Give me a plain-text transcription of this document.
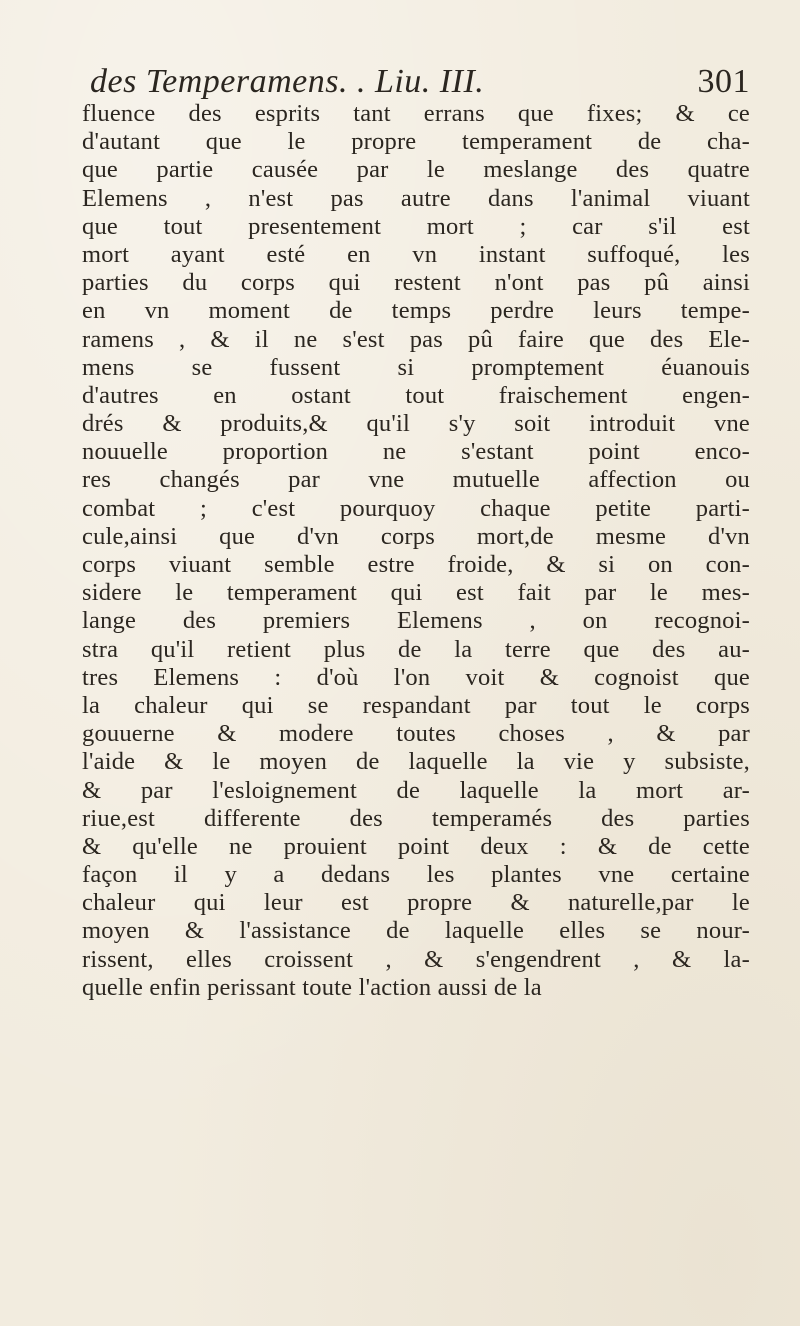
des Temperamens. . Liu. III.	301
fluence des esprits tant errans que fixes; & ce
d'autant que le propre temperament de cha-
que partie causée par le meslange des quatre
Elemens , n'est pas autre dans l'animal viuant
que tout presentement mort ; car s'il est
mort ayant esté en vn instant suffoqué, les
parties du corps qui restent n'ont pas pû ainsi
en vn moment de temps perdre leurs tempe-
ramens , & il ne s'est pas pû faire que des Ele-
mens se fussent si promptement éuanouis
d'autres en ostant tout fraischement engen-
drés & produits,& qu'il s'y soit introduit vne
nouuelle proportion ne s'estant point enco-
res changés par vne mutuelle affection ou
combat ; c'est pourquoy chaque petite parti-
cule,ainsi que d'vn corps mort,de mesme d'vn
corps viuant semble estre froide, & si on con-
sidere le temperament qui est fait par le mes-
lange des premiers Elemens , on recognoi-
stra qu'il retient plus de la terre que des au-
tres Elemens : d'où l'on voit & cognoist que
la chaleur qui se respandant par tout le corps
gouuerne & modere toutes choses , & par
l'aide & le moyen de laquelle la vie y subsiste,
& par l'esloignement de laquelle la mort ar-
riue,est differente des temperamés des parties
& qu'elle ne prouient point deux : & de cette
façon il y a dedans les plantes vne certaine
chaleur qui leur est propre & naturelle,par le
moyen & l'assistance de laquelle elles se nour-
rissent, elles croissent , & s'engendrent , & la-
quelle enfin perissant toute l'action aussi de la
